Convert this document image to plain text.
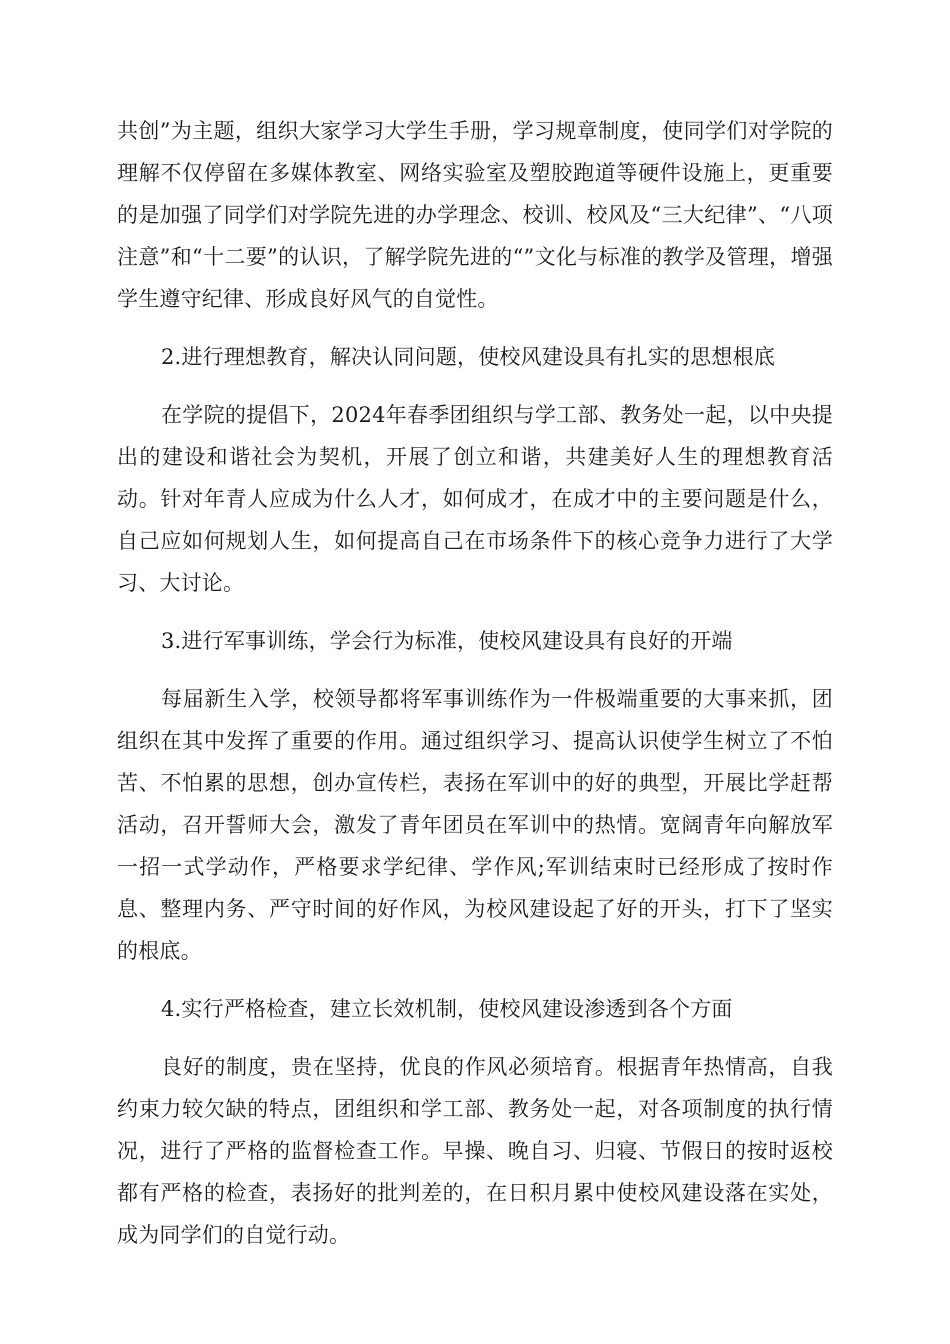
共创”为主题，组织大家学习大学生手册，学习规章制度，使同学们对学院的理解不仅停留在多媒体教室、网络实验室及塑胶跑道等硬件设施上，更重要的是加强了同学们对学院先进的办学理念、校训、校风及“三大纪律”、“八项注意”和“十二要”的认识，了解学院先进的“”文化与标准的教学及管理，增强学生遵守纪律、形成良好风气的自觉性。

2.进行理想教育，解决认同问题，使校风建设具有扎实的思想根底

在学院的提倡下，2024年春季团组织与学工部、教务处一起，以中央提出的建设和谐社会为契机，开展了创立和谐，共建美好人生的理想教育活动。针对年青人应成为什么人才，如何成才，在成才中的主要问题是什么，自己应如何规划人生，如何提高自己在市场条件下的核心竞争力进行了大学习、大讨论。

3.进行军事训练，学会行为标准，使校风建设具有良好的开端

每届新生入学，校领导都将军事训练作为一件极端重要的大事来抓，团组织在其中发挥了重要的作用。通过组织学习、提高认识使学生树立了不怕苦、不怕累的思想，创办宣传栏，表扬在军训中的好的典型，开展比学赶帮活动，召开誓师大会，激发了青年团员在军训中的热情。宽阔青年向解放军一招一式学动作，严格要求学纪律、学作风;军训结束时已经形成了按时作息、整理内务、严守时间的好作风，为校风建设起了好的开头，打下了坚实的根底。

4.实行严格检查，建立长效机制，使校风建设渗透到各个方面

良好的制度，贵在坚持，优良的作风必须培育。根据青年热情高，自我约束力较欠缺的特点，团组织和学工部、教务处一起，对各项制度的执行情况，进行了严格的监督检查工作。早操、晚自习、归寝、节假日的按时返校都有严格的检查，表扬好的批判差的，在日积月累中使校风建设落在实处，成为同学们的自觉行动。
